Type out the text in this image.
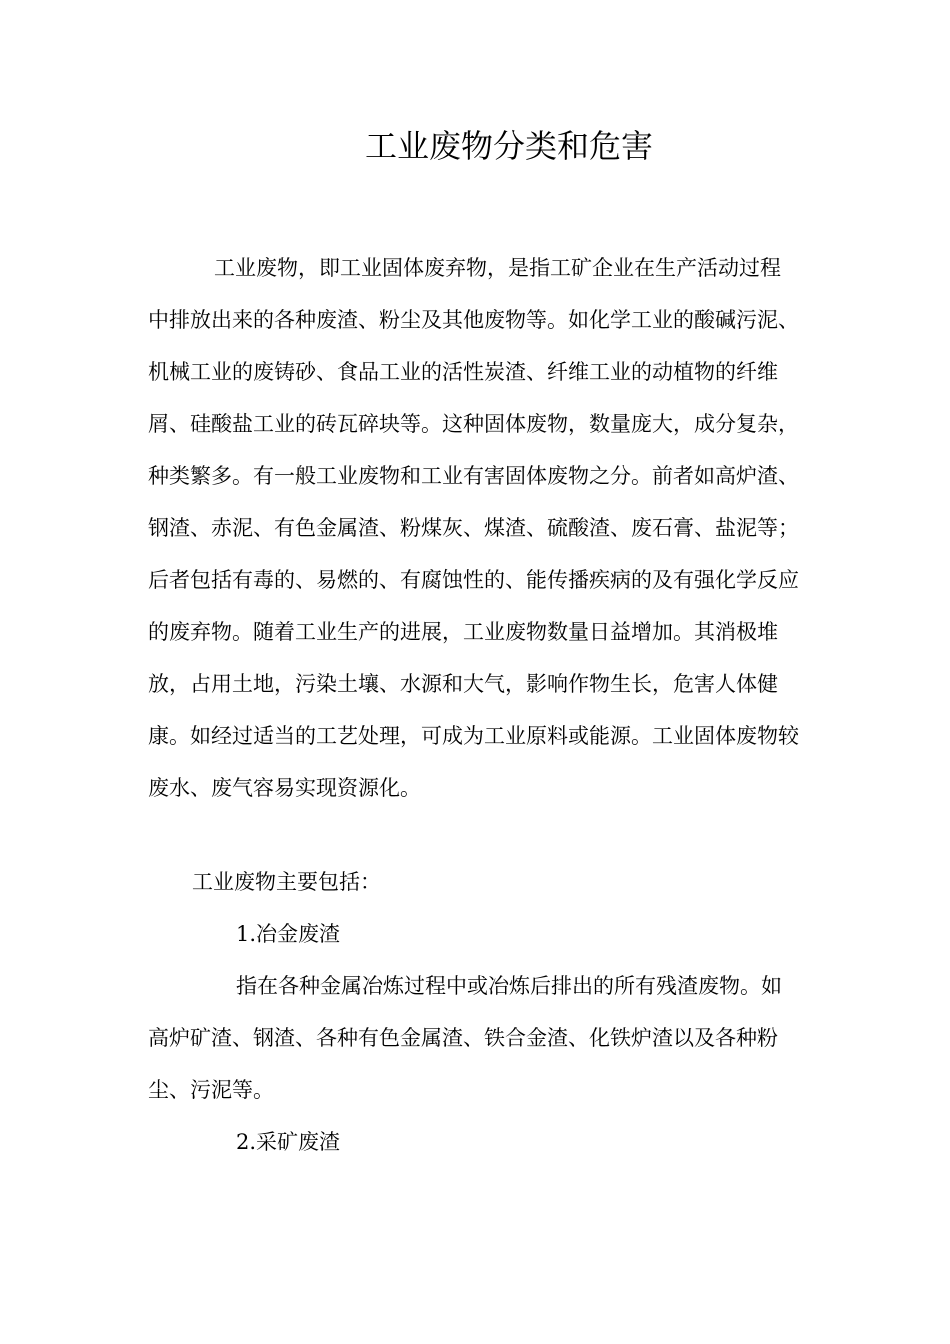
工业废物分类和危害

工业废物，即工业固体废弃物，是指工矿企业在生产活动过程中排放出来的各种废渣、粉尘及其他废物等。如化学工业的酸碱污泥、机械工业的废铸砂、食品工业的活性炭渣、纤维工业的动植物的纤维屑、硅酸盐工业的砖瓦碎块等。这种固体废物，数量庞大，成分复杂，种类繁多。有一般工业废物和工业有害固体废物之分。前者如高炉渣、钢渣、赤泥、有色金属渣、粉煤灰、煤渣、硫酸渣、废石膏、盐泥等；后者包括有毒的、易燃的、有腐蚀性的、能传播疾病的及有强化学反应的废弃物。随着工业生产的进展，工业废物数量日益增加。其消极堆放，占用土地，污染土壤、水源和大气，影响作物生长，危害人体健康。如经过适当的工艺处理，可成为工业原料或能源。工业固体废物较废水、废气容易实现资源化。

工业废物主要包括：

1.冶金废渣

指在各种金属冶炼过程中或冶炼后排出的所有残渣废物。如高炉矿渣、钢渣、各种有色金属渣、铁合金渣、化铁炉渣以及各种粉尘、污泥等。

2.采矿废渣
